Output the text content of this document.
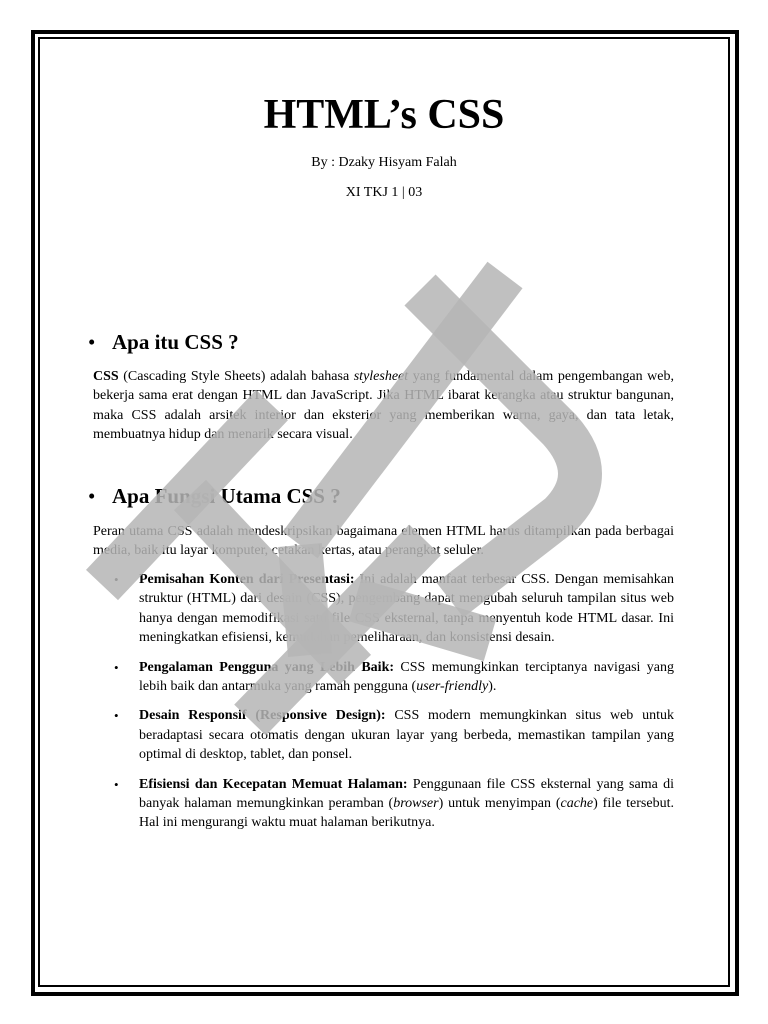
HTML’s CSS
By : Dzaky Hisyam Falah
XI TKJ 1 | 03
• Apa itu CSS ?

CSS (Cascading Style Sheets) adalah bahasa stylesheet yang fundamental dalam pengembangan web, bekerja sama erat dengan HTML dan JavaScript. Jika HTML ibarat kerangka atau struktur bangunan, maka CSS adalah arsitek interior dan eksterior yang memberikan warna, gaya, dan tata letak, membuatnya hidup dan menarik secara visual.

• Apa Fungsi Utama CSS ?

Peran utama CSS adalah mendeskripsikan bagaimana elemen HTML harus ditampilkan pada berbagai media, baik itu layar komputer, cetakan kertas, atau perangkat seluler.

• Pemisahan Konten dari Presentasi: Ini adalah manfaat terbesar CSS. Dengan memisahkan struktur (HTML) dari desain (CSS), pengembang dapat mengubah seluruh tampilan situs web hanya dengan memodifikasi satu file CSS eksternal, tanpa menyentuh kode HTML dasar. Ini meningkatkan efisiensi, kemudahan pemeliharaan, dan konsistensi desain.
• Pengalaman Pengguna yang Lebih Baik: CSS memungkinkan terciptanya navigasi yang lebih baik dan antarmuka yang ramah pengguna (user-friendly).
• Desain Responsif (Responsive Design): CSS modern memungkinkan situs web untuk beradaptasi secara otomatis dengan ukuran layar yang berbeda, memastikan tampilan yang optimal di desktop, tablet, dan ponsel.
• Efisiensi dan Kecepatan Memuat Halaman: Penggunaan file CSS eksternal yang sama di banyak halaman memungkinkan peramban (browser) untuk menyimpan (cache) file tersebut. Hal ini mengurangi waktu muat halaman berikutnya.
